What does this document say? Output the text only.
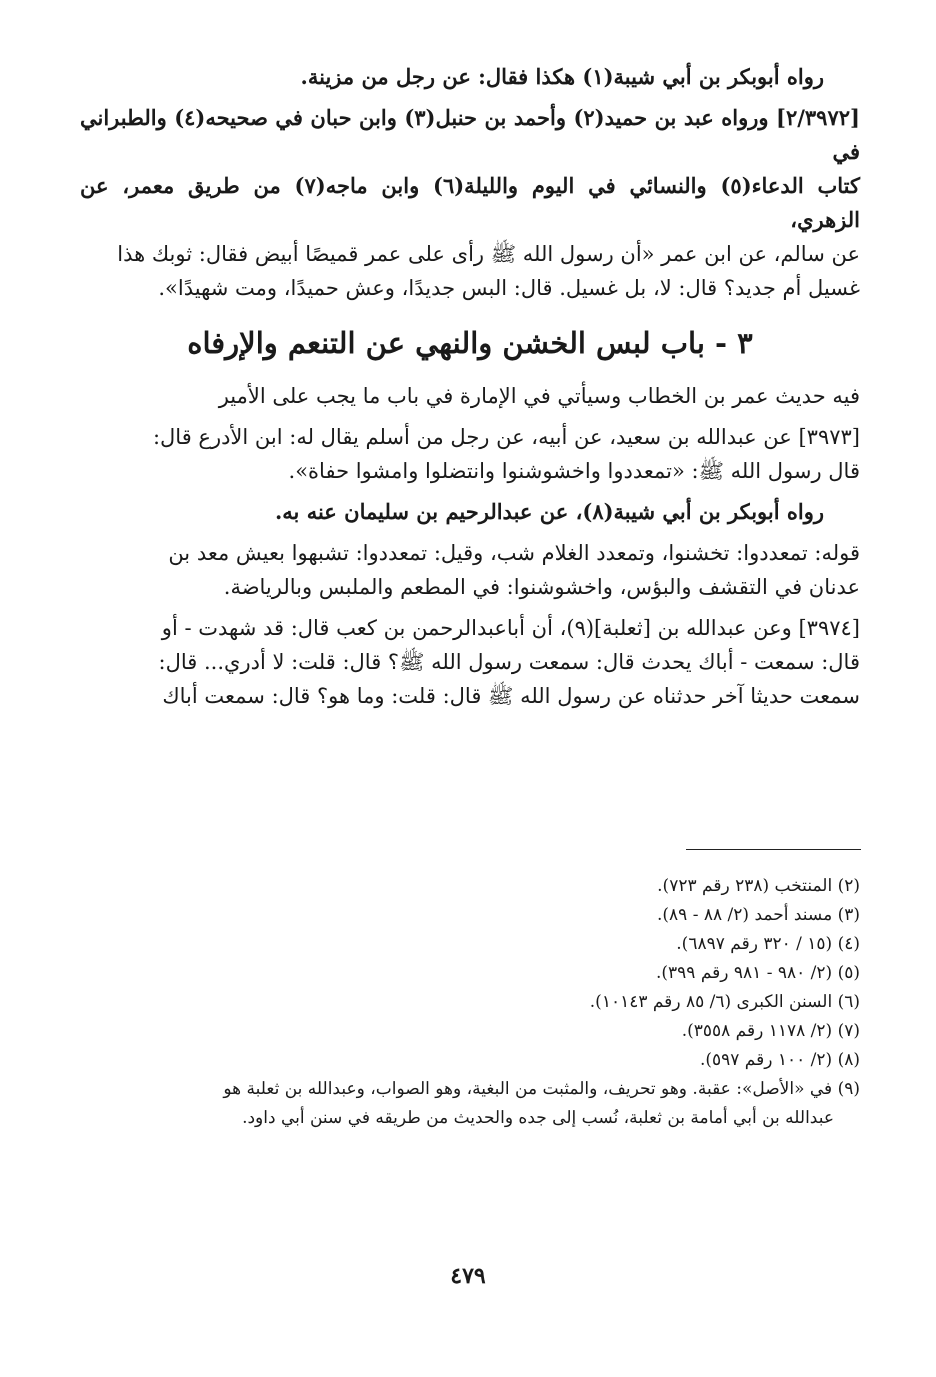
رواه أبوبكر بن أبي شيبة(١) هكذا فقال: عن رجل من مزينة.

[٢/٣٩٧٢] ورواه عبد بن حميد(٢) وأحمد بن حنبل(٣) وابن حبان في صحيحه(٤) والطبراني في

كتاب الدعاء(٥) والنسائي في اليوم والليلة(٦) وابن ماجه(٧) من طريق معمر، عن الزهري،

عن سالم، عن ابن عمر «أن رسول الله ﷺ رأى على عمر قميصًا أبيض فقال: ثوبك هذا

غسيل أم جديد؟ قال: لا، بل غسيل. قال: البس جديدًا، وعش حميدًا، ومت شهيدًا».

٣ - باب لبس الخشن والنهي عن التنعم والإرفاه

فيه حديث عمر بن الخطاب وسيأتي في الإمارة في باب ما يجب على الأمير

[٣٩٧٣] عن عبدالله بن سعيد، عن أبيه، عن رجل من أسلم يقال له: ابن الأدرع قال:

قال رسول الله ﷺ: «تمعددوا واخشوشنوا وانتضلوا وامشوا حفاة».

رواه أبوبكر بن أبي شيبة(٨)، عن عبدالرحيم بن سليمان عنه به.

قوله: تمعددوا: تخشنوا، وتمعدد الغلام شب، وقيل: تمعددوا: تشبهوا بعيش معد بن

عدنان في التقشف والبؤس، واخشوشنوا: في المطعم والملبس وبالرياضة.

[٣٩٧٤] وعن عبدالله بن [ثعلبة](٩)، أن أباعبدالرحمن بن كعب قال: قد شهدت - أو

قال: سمعت - أباك يحدث قال: سمعت رسول الله ﷺ؟ قال: قلت: لا أدري... قال:

سمعت حديثا آخر حدثناه عن رسول الله ﷺ قال: قلت: وما هو؟ قال: سمعت أباك

(٢) المنتخب (٢٣٨ رقم ٧٢٣).

(٣) مسند أحمد (٢/ ٨٨ - ٨٩).

(٤) (١٥ / ٣٢٠ رقم ٦٨٩٧).

(٥) (٢/ ٩٨٠ - ٩٨١ رقم ٣٩٩).

(٦) السنن الكبرى (٦/ ٨٥ رقم ١٠١٤٣).

(٧) (٢/ ١١٧٨ رقم ٣٥٥٨).

(٨) (٢/ ١٠٠ رقم ٥٩٧).

(٩) في «الأصل»: عقبة. وهو تحريف، والمثبت من البغية، وهو الصواب، وعبدالله بن ثعلبة هو

عبدالله بن أبي أمامة بن ثعلبة، نُسب إلى جده والحديث من طريقه في سنن أبي داود.

٤٧٩
